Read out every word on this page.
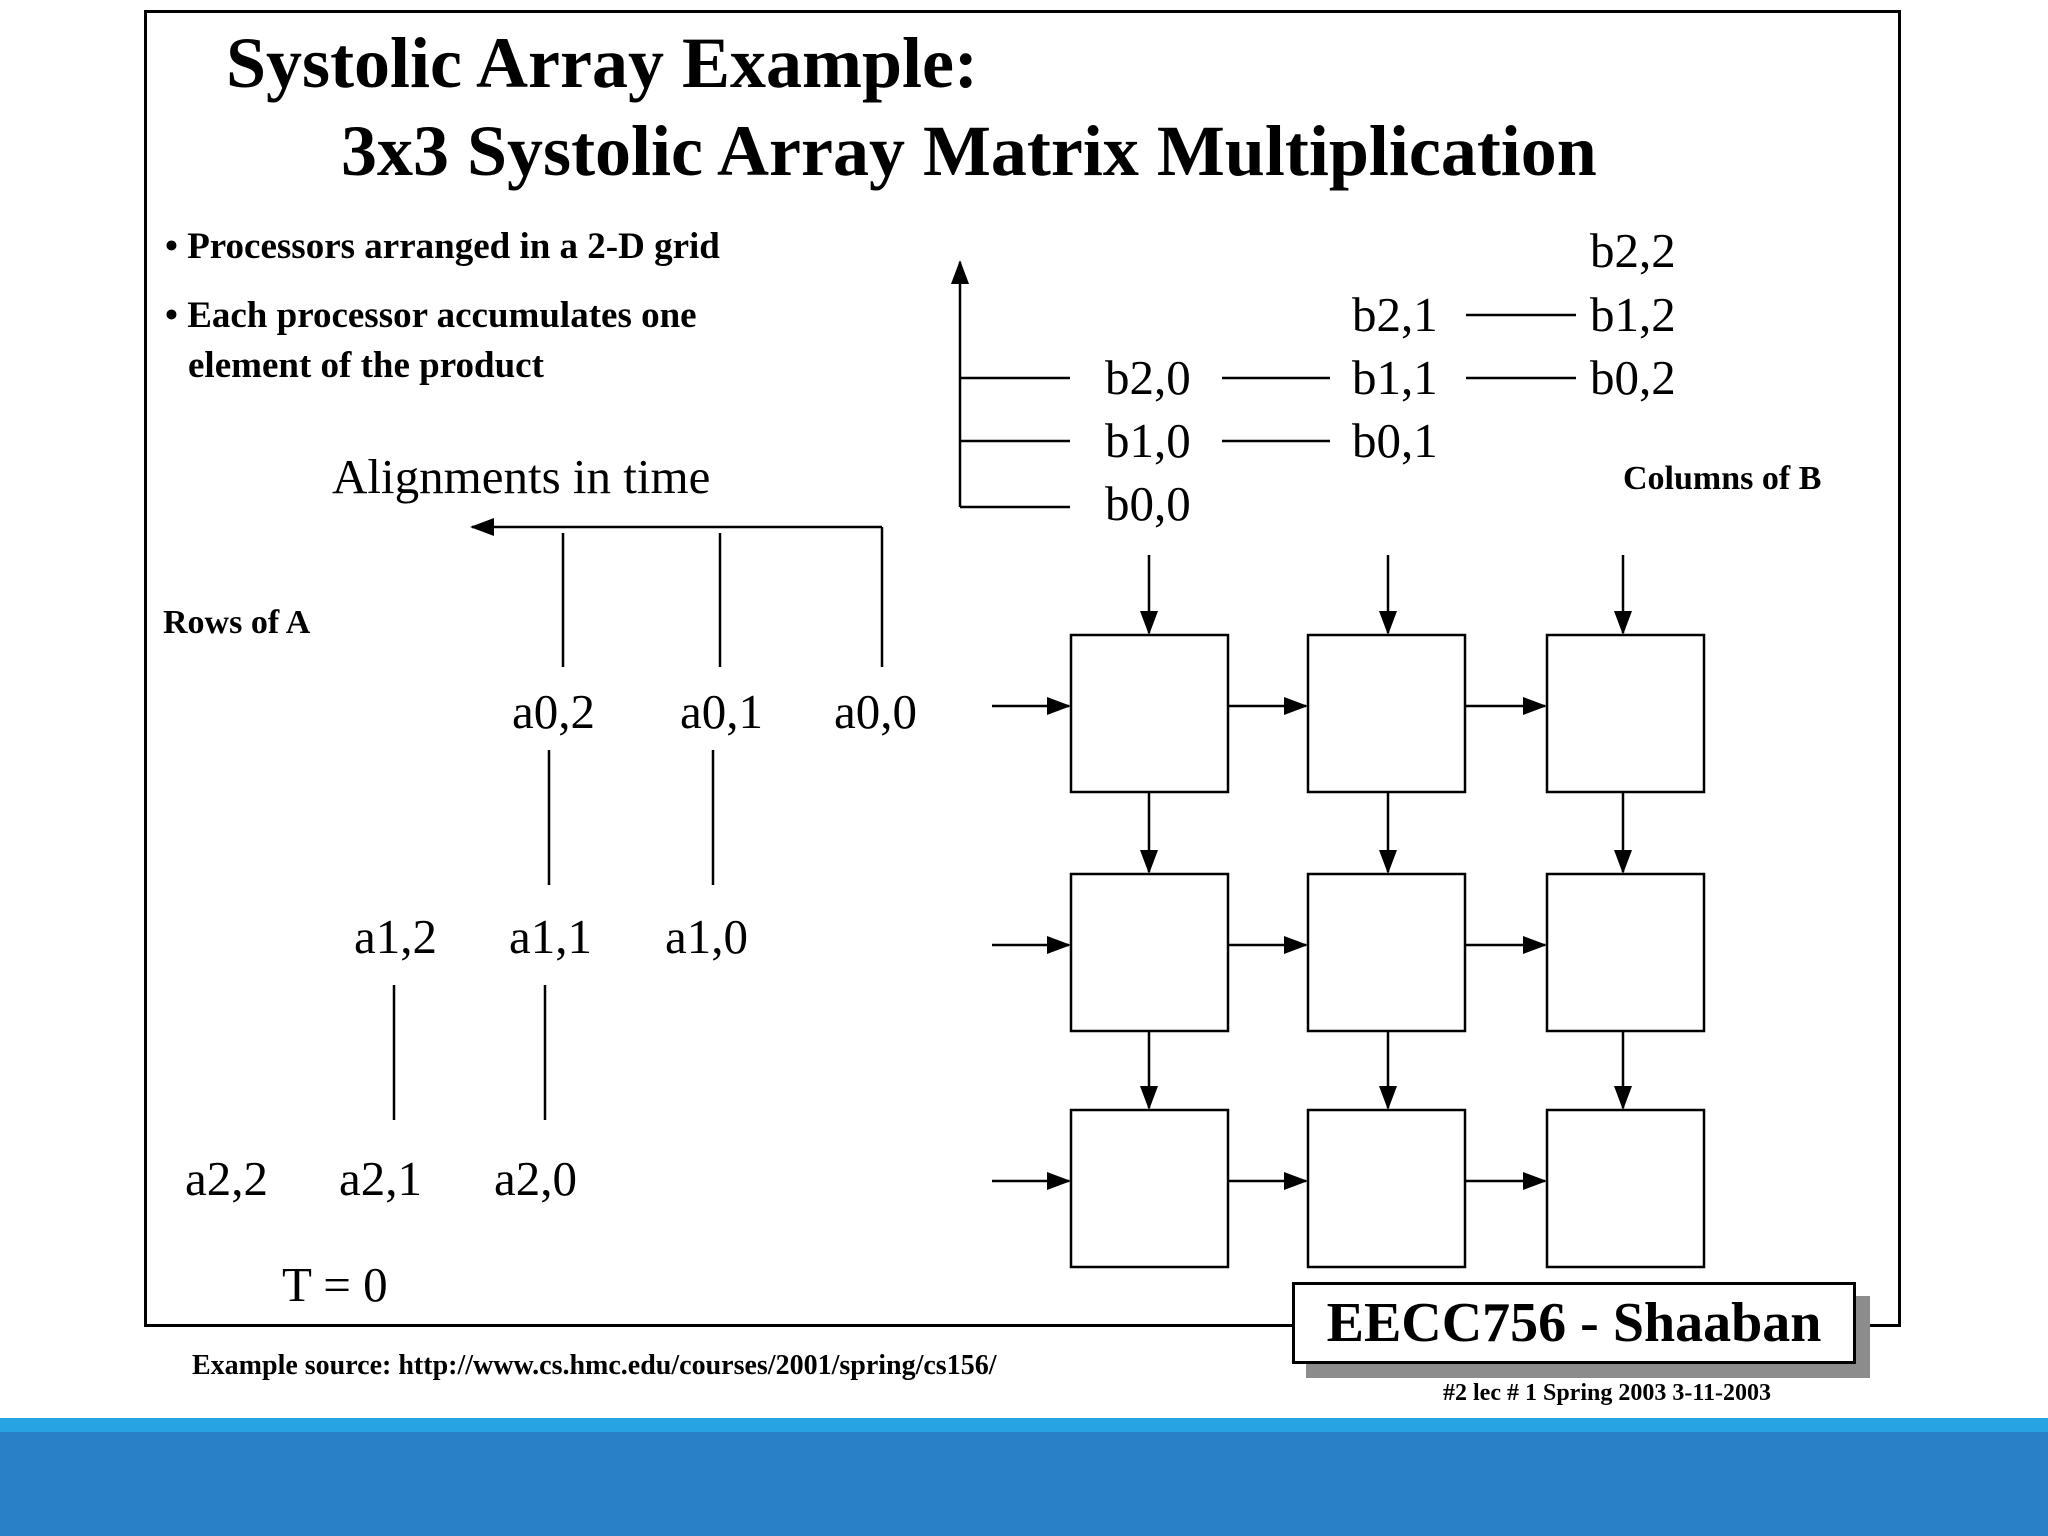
Systolic Array Example:
3x3 Systolic Array Matrix Multiplication
• Processors arranged in a 2-D grid
• Each processor accumulates one
element of the product
Alignments in time
Rows of A
Columns of B
T = 0
b2,2
b2,1	b1,2
b2,0	b1,1	b0,2
b1,0	b0,1
b0,0
a0,2 a0,1 a0,0
a1,2 a1,1 a1,0
a2,2 a2,1 a2,0
EECC756 - Shaaban
Example source: http://www.cs.hmc.edu/courses/2001/spring/cs156/
#2 lec # 1 Spring 2003 3-11-2003
